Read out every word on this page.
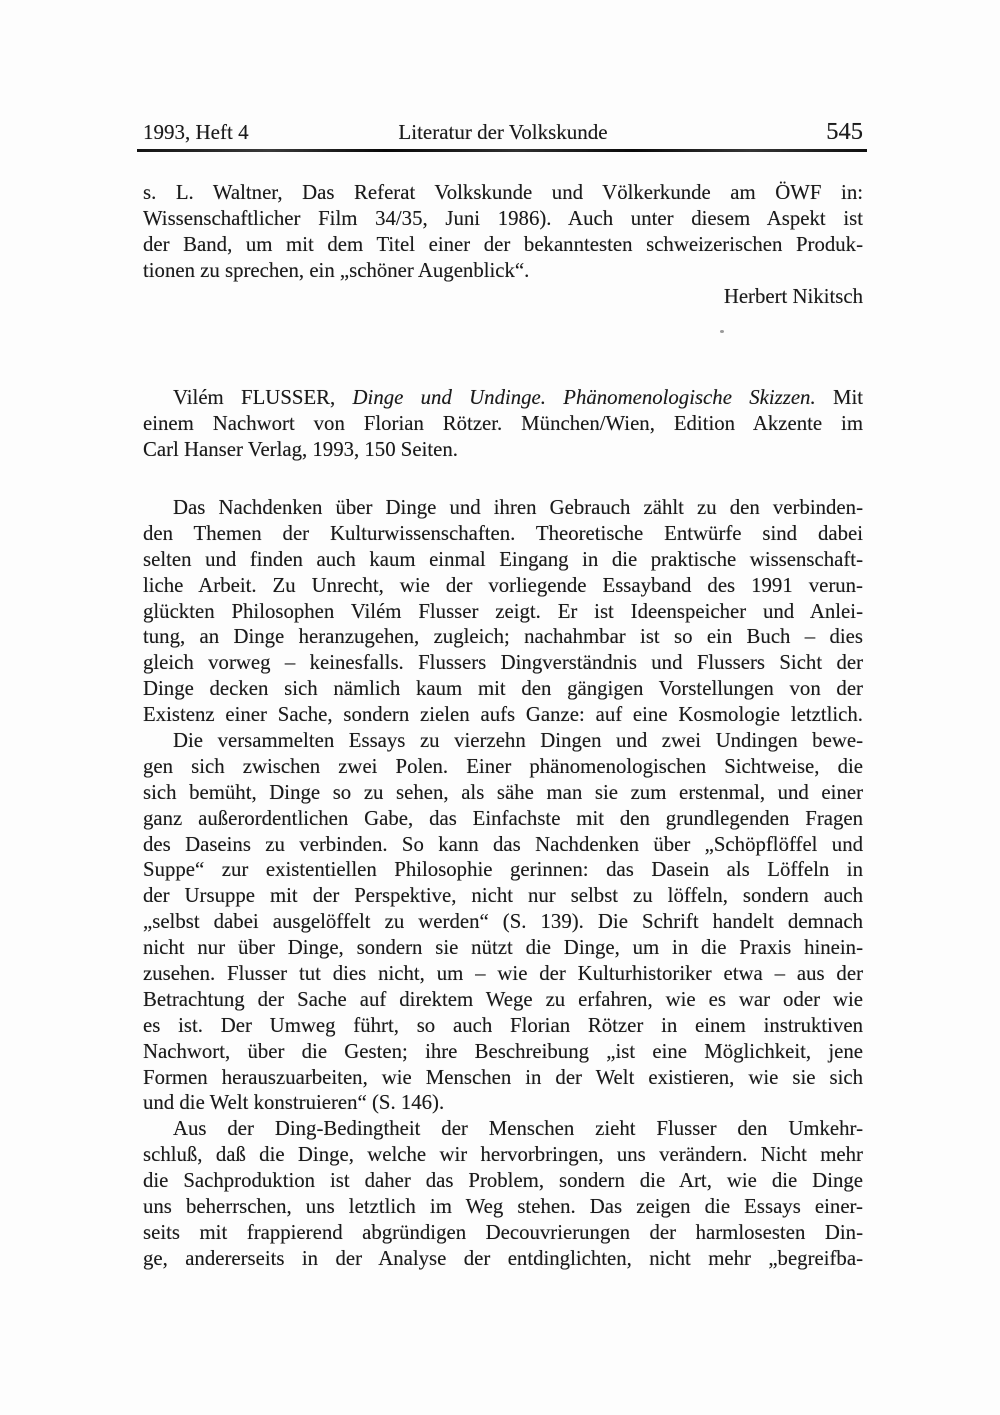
1993, Heft 4	Literatur der Volkskunde	545
s. L. Waltner, Das Referat Volkskunde und Völkerkunde am ÖWF in:
Wissenschaftlicher Film 34/35, Juni 1986). Auch unter diesem Aspekt ist
der Band, um mit dem Titel einer der bekanntesten schweizerischen Produk-
tionen zu sprechen, ein „schöner Augenblick“.
Herbert Nikitsch
Vilém FLUSSER, Dinge und Undinge. Phänomenologische Skizzen. Mit
einem Nachwort von Florian Rötzer. München/Wien, Edition Akzente im
Carl Hanser Verlag, 1993, 150 Seiten.
Das Nachdenken über Dinge und ihren Gebrauch zählt zu den verbinden-
den Themen der Kulturwissenschaften. Theoretische Entwürfe sind dabei
selten und finden auch kaum einmal Eingang in die praktische wissenschaft-
liche Arbeit. Zu Unrecht, wie der vorliegende Essayband des 1991 verun-
glückten Philosophen Vilém Flusser zeigt. Er ist Ideenspeicher und Anlei-
tung, an Dinge heranzugehen, zugleich; nachahmbar ist so ein Buch – dies
gleich vorweg – keinesfalls. Flussers Dingverständnis und Flussers Sicht der
Dinge decken sich nämlich kaum mit den gängigen Vorstellungen von der
Existenz einer Sache, sondern zielen aufs Ganze: auf eine Kosmologie letztlich.
Die versammelten Essays zu vierzehn Dingen und zwei Undingen bewe-
gen sich zwischen zwei Polen. Einer phänomenologischen Sichtweise, die
sich bemüht, Dinge so zu sehen, als sähe man sie zum erstenmal, und einer
ganz außerordentlichen Gabe, das Einfachste mit den grundlegenden Fragen
des Daseins zu verbinden. So kann das Nachdenken über „Schöpflöffel und
Suppe“ zur existentiellen Philosophie gerinnen: das Dasein als Löffeln in
der Ursuppe mit der Perspektive, nicht nur selbst zu löffeln, sondern auch
„selbst dabei ausgelöffelt zu werden“ (S. 139). Die Schrift handelt demnach
nicht nur über Dinge, sondern sie nützt die Dinge, um in die Praxis hinein-
zusehen. Flusser tut dies nicht, um – wie der Kulturhistoriker etwa – aus der
Betrachtung der Sache auf direktem Wege zu erfahren, wie es war oder wie
es ist. Der Umweg führt, so auch Florian Rötzer in einem instruktiven
Nachwort, über die Gesten; ihre Beschreibung „ist eine Möglichkeit, jene
Formen herauszuarbeiten, wie Menschen in der Welt existieren, wie sie sich
und die Welt konstruieren“ (S. 146).
Aus der Ding-Bedingtheit der Menschen zieht Flusser den Umkehr-
schluß, daß die Dinge, welche wir hervorbringen, uns verändern. Nicht mehr
die Sachproduktion ist daher das Problem, sondern die Art, wie die Dinge
uns beherrschen, uns letztlich im Weg stehen. Das zeigen die Essays einer-
seits mit frappierend abgründigen Decouvrierungen der harmlosesten Din-
ge, andererseits in der Analyse der entdinglichten, nicht mehr „begreifba-
